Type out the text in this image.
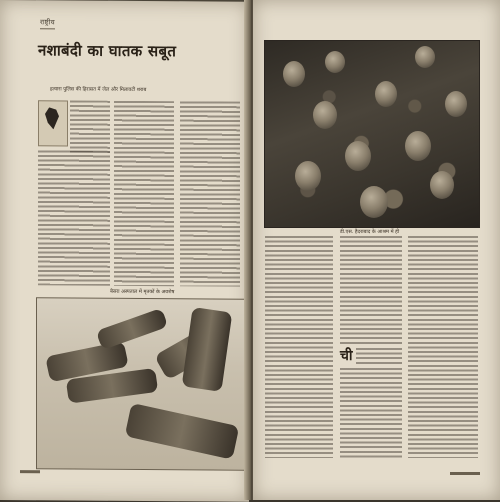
राष्ट्रीय
नशाबंदी का घातक सबूत
हत्यारा पुलिस की हिरासत में जेल और मिलावटी शराब
बेसरा अस्पताल में मृतकों के अवशेष
डी.एस. हैदराबाद के आश्रम में ही
ची
